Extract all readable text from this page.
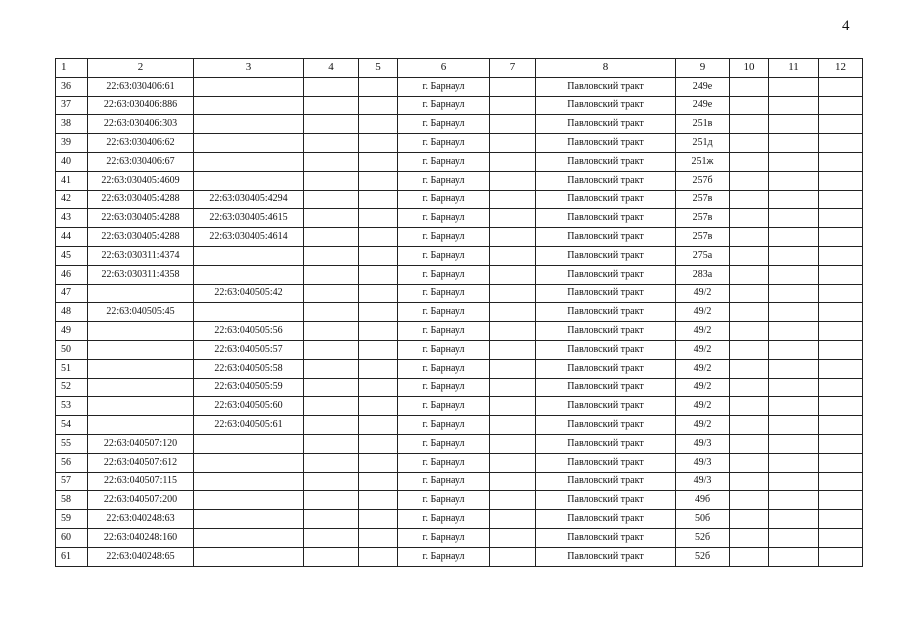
4
1	2	3	4	5	6	7	8	9	10	11	12
36	22:63:030406:61				г. Барнаул		Павловский тракт	249е			
37	22:63:030406:886				г. Барнаул		Павловский тракт	249е			
38	22:63:030406:303				г. Барнаул		Павловский тракт	251в			
39	22:63:030406:62				г. Барнаул		Павловский тракт	251д			
40	22:63:030406:67				г. Барнаул		Павловский тракт	251ж			
41	22:63:030405:4609				г. Барнаул		Павловский тракт	257б			
42	22:63:030405:4288	22:63:030405:4294			г. Барнаул		Павловский тракт	257в			
43	22:63:030405:4288	22:63:030405:4615			г. Барнаул		Павловский тракт	257в			
44	22:63:030405:4288	22:63:030405:4614			г. Барнаул		Павловский тракт	257в			
45	22:63:030311:4374				г. Барнаул		Павловский тракт	275а			
46	22:63:030311:4358				г. Барнаул		Павловский тракт	283а			
47		22:63:040505:42			г. Барнаул		Павловский тракт	49/2			
48	22:63:040505:45				г. Барнаул		Павловский тракт	49/2			
49		22:63:040505:56			г. Барнаул		Павловский тракт	49/2			
50		22:63:040505:57			г. Барнаул		Павловский тракт	49/2			
51		22:63:040505:58			г. Барнаул		Павловский тракт	49/2			
52		22:63:040505:59			г. Барнаул		Павловский тракт	49/2			
53		22:63:040505:60			г. Барнаул		Павловский тракт	49/2			
54		22:63:040505:61			г. Барнаул		Павловский тракт	49/2			
55	22:63:040507:120				г. Барнаул		Павловский тракт	49/3			
56	22:63:040507:612				г. Барнаул		Павловский тракт	49/3			
57	22:63:040507:115				г. Барнаул		Павловский тракт	49/3			
58	22:63:040507:200				г. Барнаул		Павловский тракт	49б			
59	22:63:040248:63				г. Барнаул		Павловский тракт	50б			
60	22:63:040248:160				г. Барнаул		Павловский тракт	52б			
61	22:63:040248:65				г. Барнаул		Павловский тракт	52б			
